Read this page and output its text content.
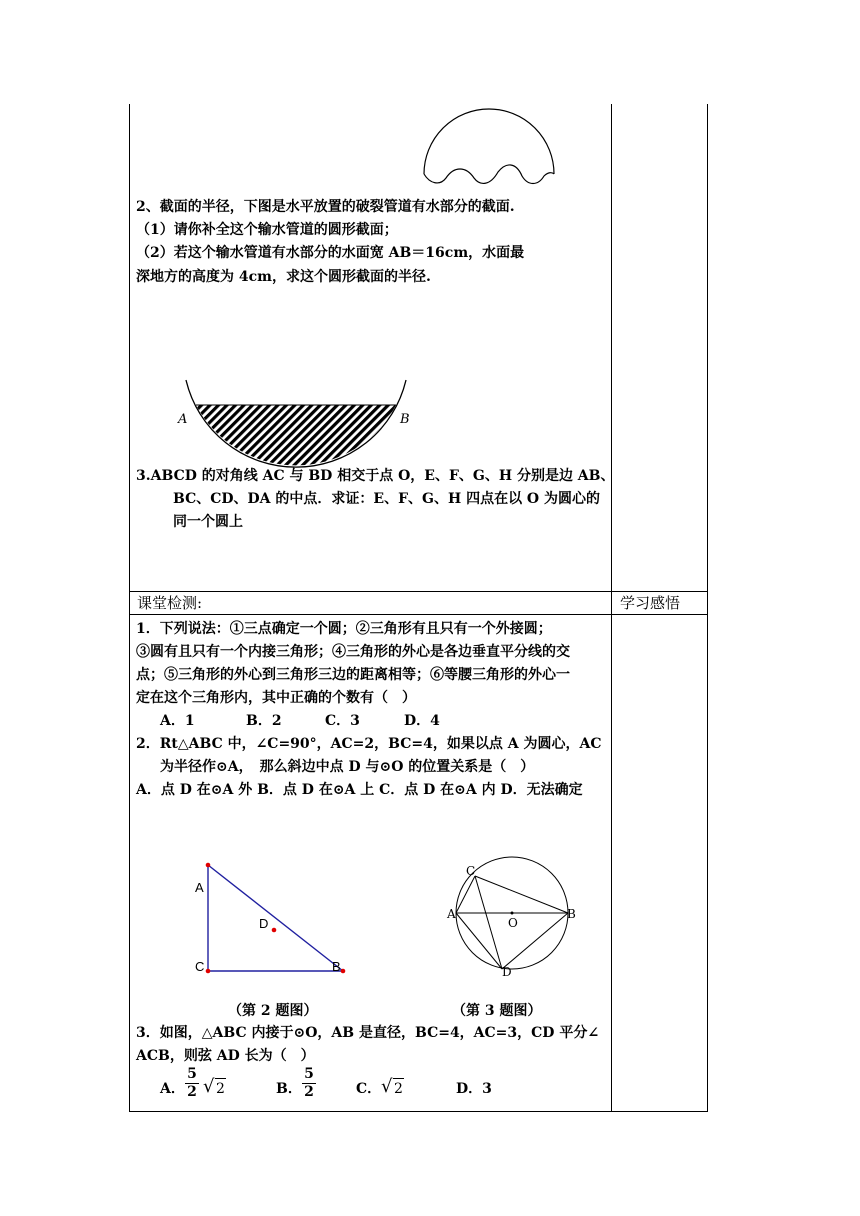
2、截面的半径，下图是水平放置的破裂管道有水部分的截面.
（1）请你补全这个输水管道的圆形截面；
（2）若这个输水管道有水部分的水面宽 AB＝16cm，水面最
深地方的高度为 4cm，求这个圆形截面的半径.
A	B
3.ABCD 的对角线 AC 与 BD 相交于点 O，E、F、G、H 分别是边 AB、
BC、CD、DA 的中点．求证：E、F、G、H 四点在以 O 为圆心的
同一个圆上
课堂检测:	学习感悟
1．下列说法：①三点确定一个圆；②三角形有且只有一个外接圆；
③圆有且只有一个内接三角形；④三角形的外心是各边垂直平分线的交
点；⑤三角形的外心到三角形三边的距离相等；⑥等腰三角形的外心一
定在这个三角形内，其中正确的个数有（　）
A．1	B．2	C．3	D．4
2．Rt△ABC 中，∠C=90°，AC=2，BC=4，如果以点 A 为圆心，AC
为半径作⊙A，　那么斜边中点 D 与⊙O 的位置关系是（　）
A．点 D 在⊙A 外 B．点 D 在⊙A 上 C．点 D 在⊙A 内 D．无法确定
A
D
C	B
C
A
O
B
D
（第 2 题图）	（第 3 题图）
3．如图，△ABC 内接于⊙O，AB 是直径，BC=4，AC=3，CD 平分∠
ACB，则弦 AD 长为（　）
A．
5
2 √ 2	B．
5
2	C． √ 2	D．3
